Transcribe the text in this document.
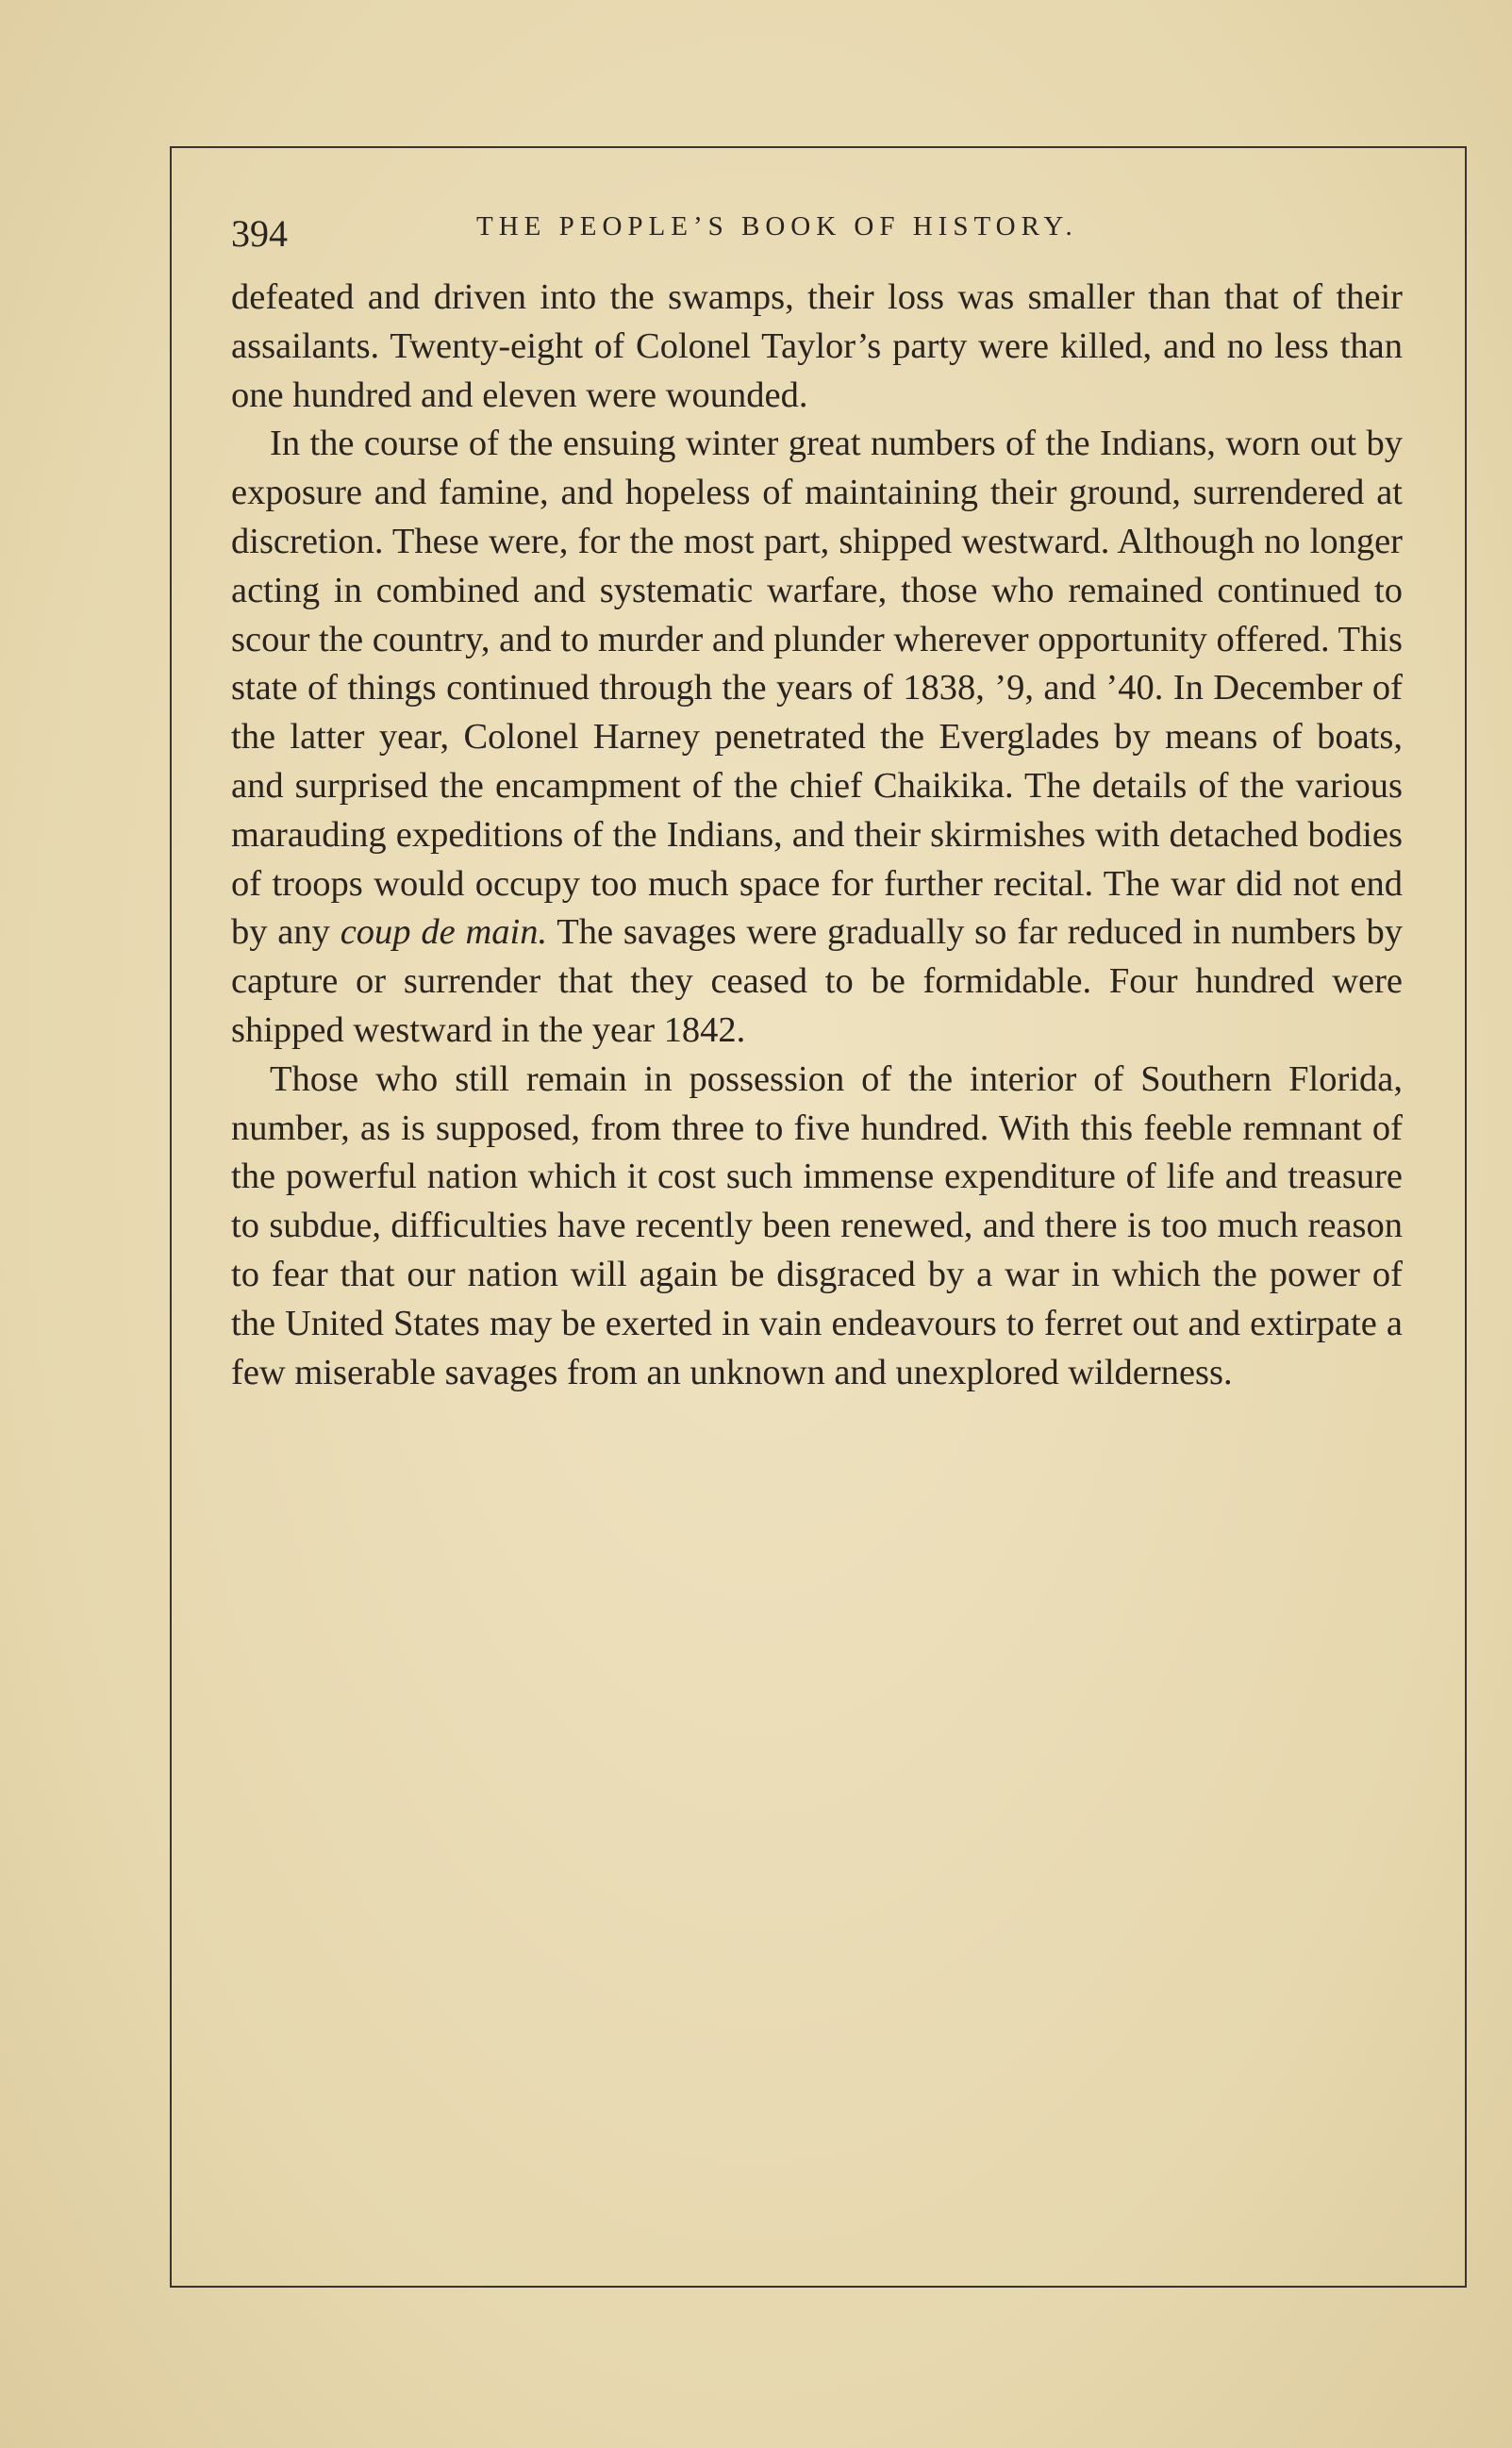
394	THE PEOPLE’S BOOK OF HISTORY.

defeated and driven into the swamps, their loss was smaller than that of their assailants. Twenty-eight of Colonel Taylor’s party were killed, and no less than one hundred and eleven were wounded.

In the course of the ensuing winter great numbers of the Indians, worn out by exposure and famine, and hopeless of maintaining their ground, surrendered at discretion. These were, for the most part, shipped westward. Although no longer acting in combined and systematic warfare, those who remained continued to scour the country, and to murder and plunder wherever opportunity offered. This state of things continued through the years of 1838, ’9, and ’40. In December of the latter year, Colonel Harney penetrated the Everglades by means of boats, and surprised the encampment of the chief Chaikika. The details of the various marauding expeditions of the Indians, and their skirmishes with detached bodies of troops would occupy too much space for further recital. The war did not end by any coup de main. The savages were gradually so far reduced in numbers by capture or surrender that they ceased to be formidable. Four hundred were shipped westward in the year 1842.

Those who still remain in possession of the interior of Southern Florida, number, as is supposed, from three to five hundred. With this feeble remnant of the powerful nation which it cost such immense expenditure of life and treasure to subdue, difficulties have recently been renewed, and there is too much reason to fear that our nation will again be disgraced by a war in which the power of the United States may be exerted in vain endeavours to ferret out and extirpate a few miserable savages from an unknown and unexplored wilderness.
